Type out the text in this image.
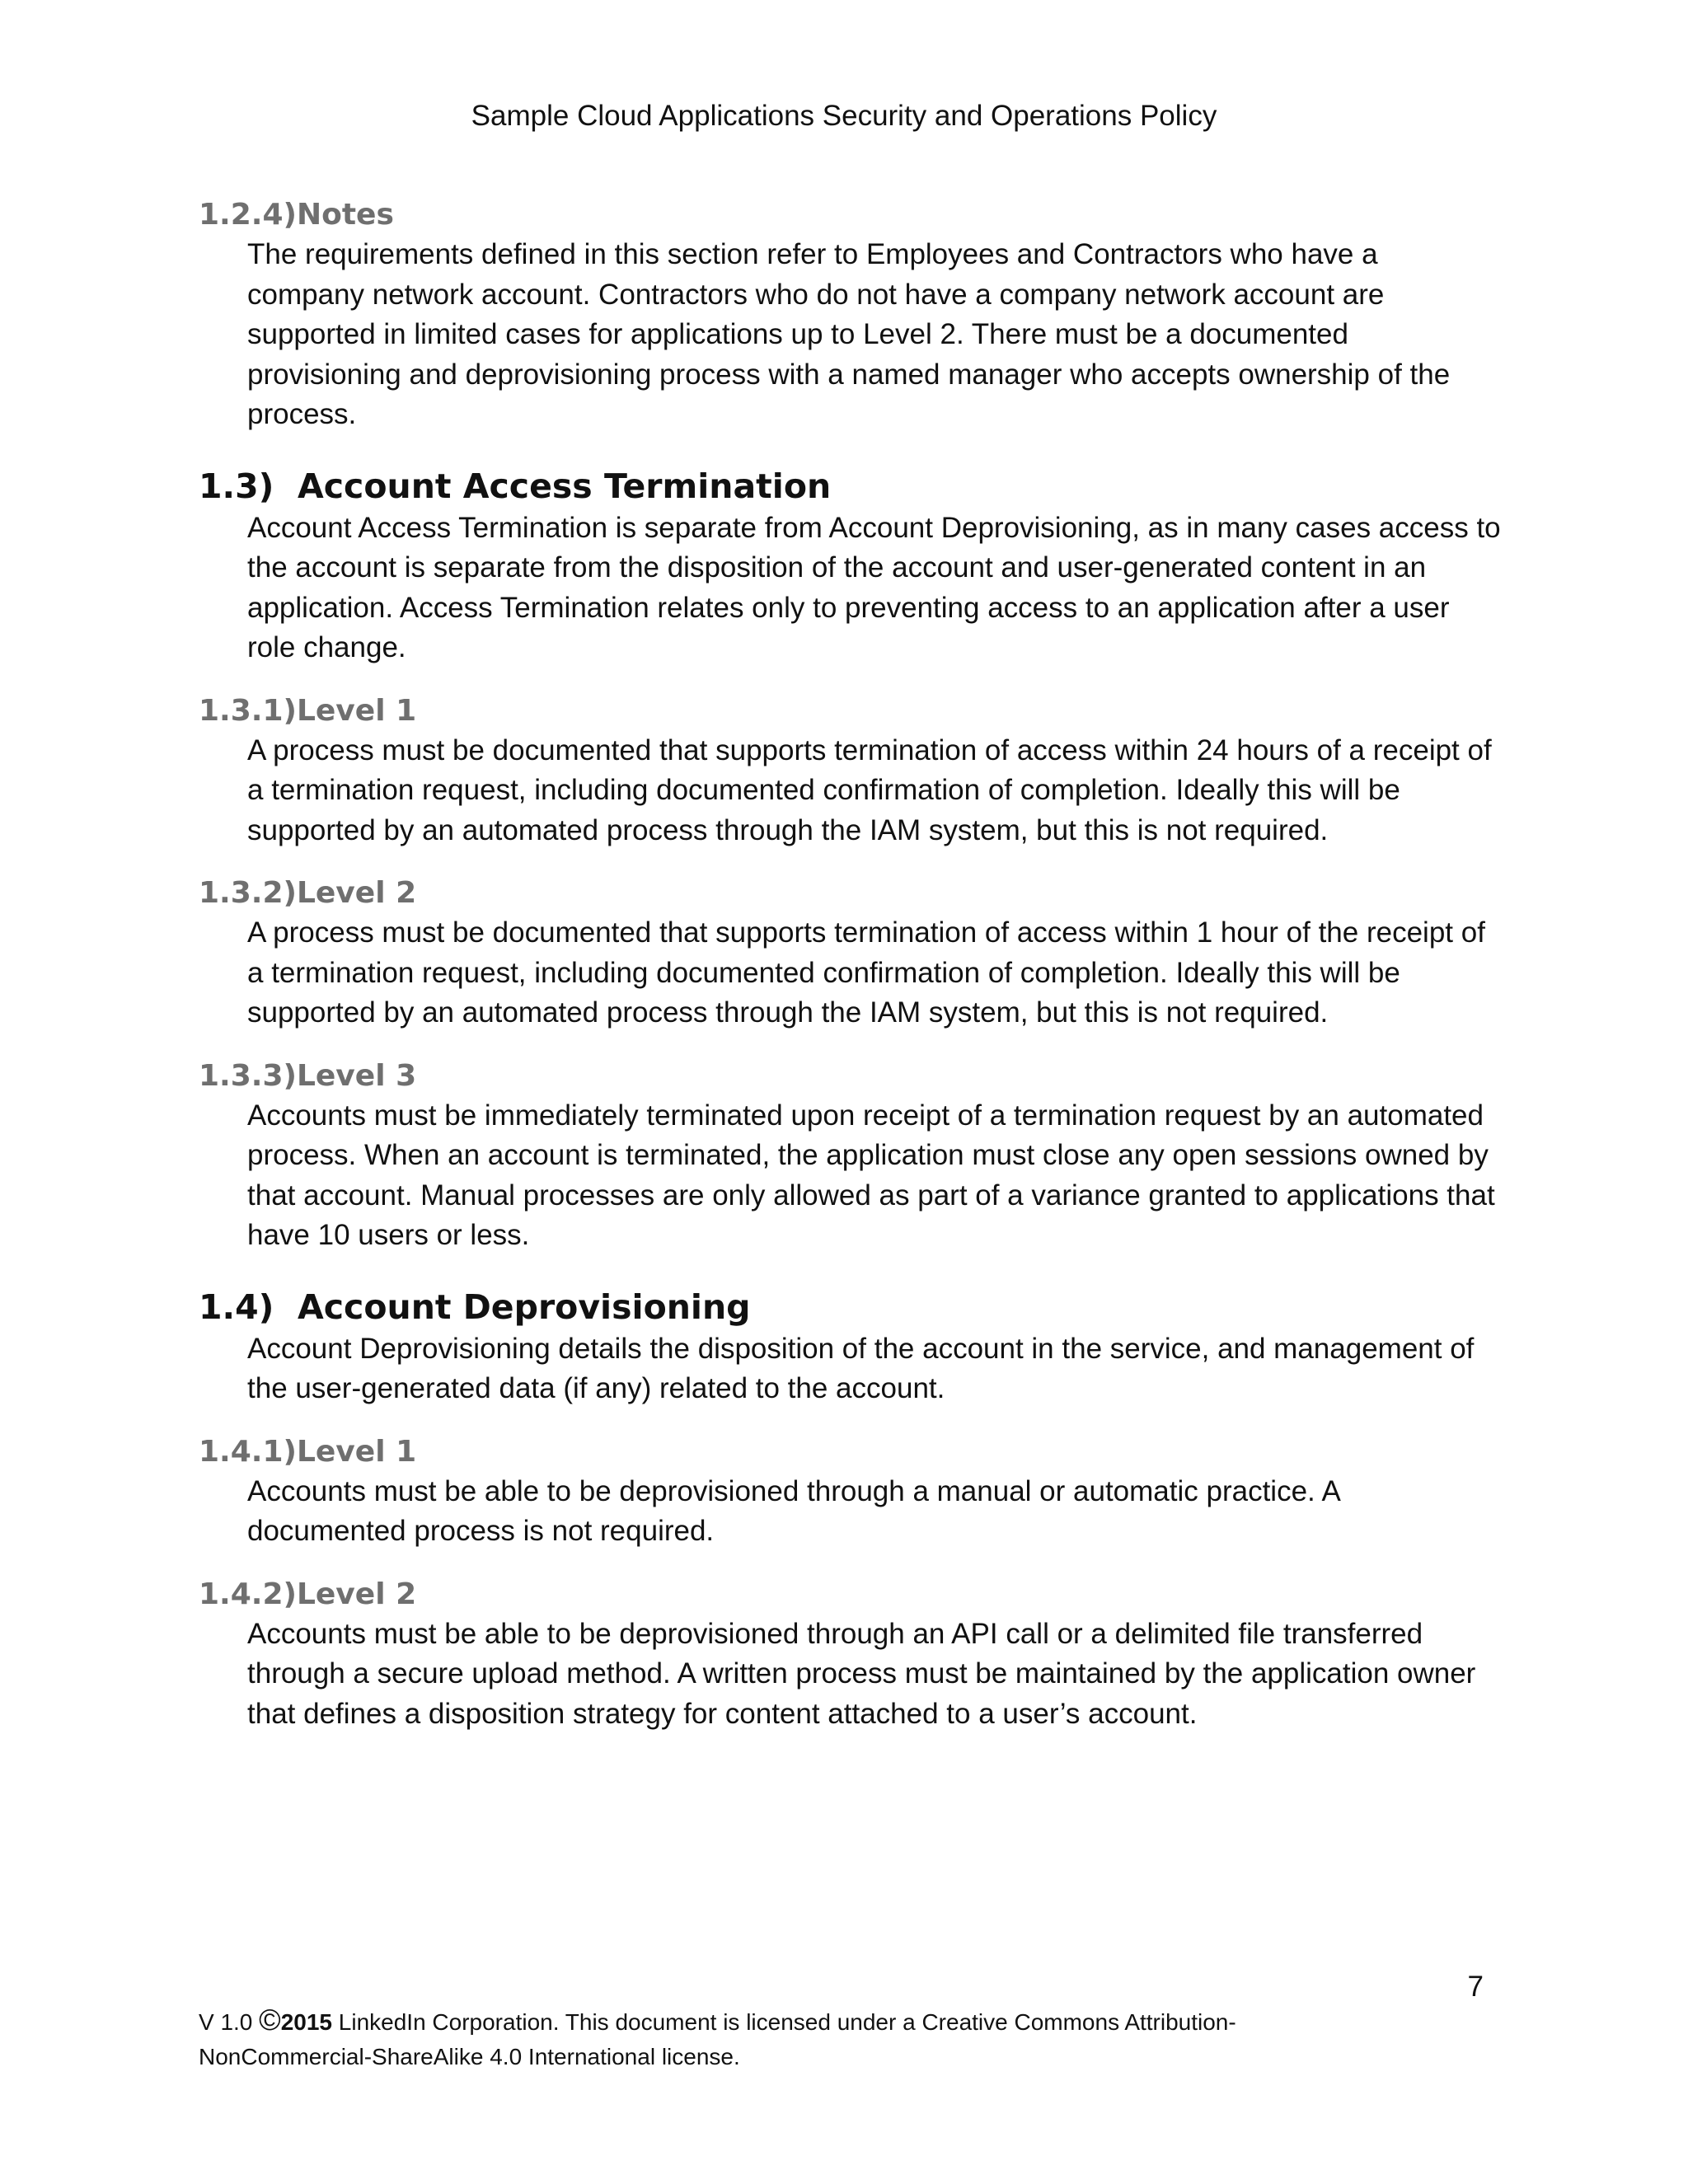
Sample Cloud Applications Security and Operations Policy
1.2.4)Notes
The requirements defined in this section refer to Employees and Contractors who have a company network account. Contractors who do not have a company network account are supported in limited cases for applications up to Level 2. There must be a documented provisioning and deprovisioning process with a named manager who accepts ownership of the process.
1.3) Account Access Termination
Account Access Termination is separate from Account Deprovisioning, as in many cases access to the account is separate from the disposition of the account and user-generated content in an application. Access Termination relates only to preventing access to an application after a user role change.
1.3.1)Level 1
A process must be documented that supports termination of access within 24 hours of a receipt of a termination request, including documented confirmation of completion. Ideally this will be supported by an automated process through the IAM system, but this is not required.
1.3.2)Level 2
A process must be documented that supports termination of access within 1 hour of the receipt of a termination request, including documented confirmation of completion. Ideally this will be supported by an automated process through the IAM system, but this is not required.
1.3.3)Level 3
Accounts must be immediately terminated upon receipt of a termination request by an automated process. When an account is terminated, the application must close any open sessions owned by that account. Manual processes are only allowed as part of a variance granted to applications that have 10 users or less.
1.4) Account Deprovisioning
Account Deprovisioning details the disposition of the account in the service, and management of the user-generated data (if any) related to the account.
1.4.1)Level 1
Accounts must be able to be deprovisioned through a manual or automatic practice. A documented process is not required.
1.4.2)Level 2
Accounts must be able to be deprovisioned through an API call or a delimited file transferred through a secure upload method. A written process must be maintained by the application owner that defines a disposition strategy for content attached to a user’s account.
7
V 1.0 ©2015 LinkedIn Corporation. This document is licensed under a Creative Commons Attribution-
NonCommercial-ShareAlike 4.0 International license.
